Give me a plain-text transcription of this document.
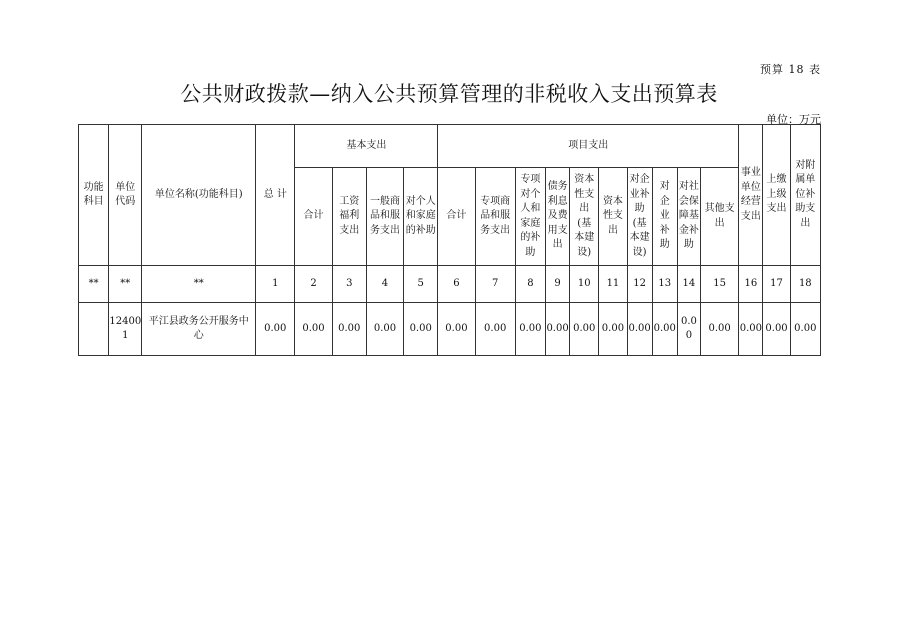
预算 18 表
公共财政拨款—纳入公共预算管理的非税收入支出预算表
单位：万元
功能科目	单位代码	单位名称(功能科目)	总 计	基本支出				项目支出										事业单位经营支出	上缴上级支出	对附属单位补助支出
				合计	工资福利支出	一般商品和服务支出	对个人和家庭的补助	合计	专项商品和服务支出	专项对个人和家庭的补助	债务利息及费用支出	资本性支出(基本建设)	资本性支出	对企业补助(基本建设)	对企业补助	对社会保障基金补助	其他支出			
**	**	**	1	2	3	4	5	6	7	8	9	10	11	12	13	14	15	16	17	18
	124001	平江县政务公开服务中心	0.00	0.00	0.00	0.00	0.00	0.00	0.00	0.00	0.00	0.00	0.00	0.00	0.00	0.00	0.00	0.00	0.00	0.00
